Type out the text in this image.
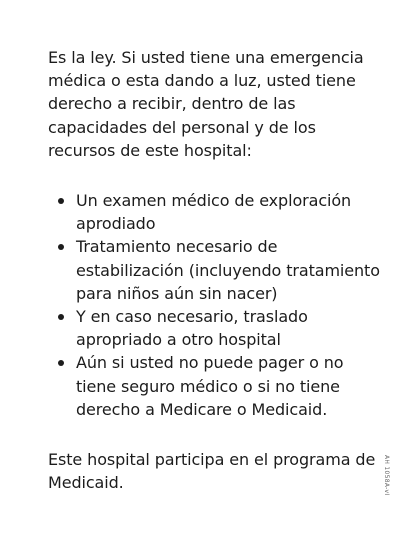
Es la ley. Si usted tiene una emergencia médica o esta dando a luz, usted tiene derecho a recibir, dentro de las capacidades del personal y de los recursos de este hospital:

Un examen médico de exploración aprodiado
Tratamiento necesario de estabilización (incluyendo tratamiento para niños aún sin nacer)
Y en caso necesario, traslado apropriado a otro hospital
Aún si usted no puede pager o no tiene seguro médico o si no tiene derecho a Medicare o Medicaid.

Este hospital participa en el programa de Medicaid.	AH 1058A-vI
